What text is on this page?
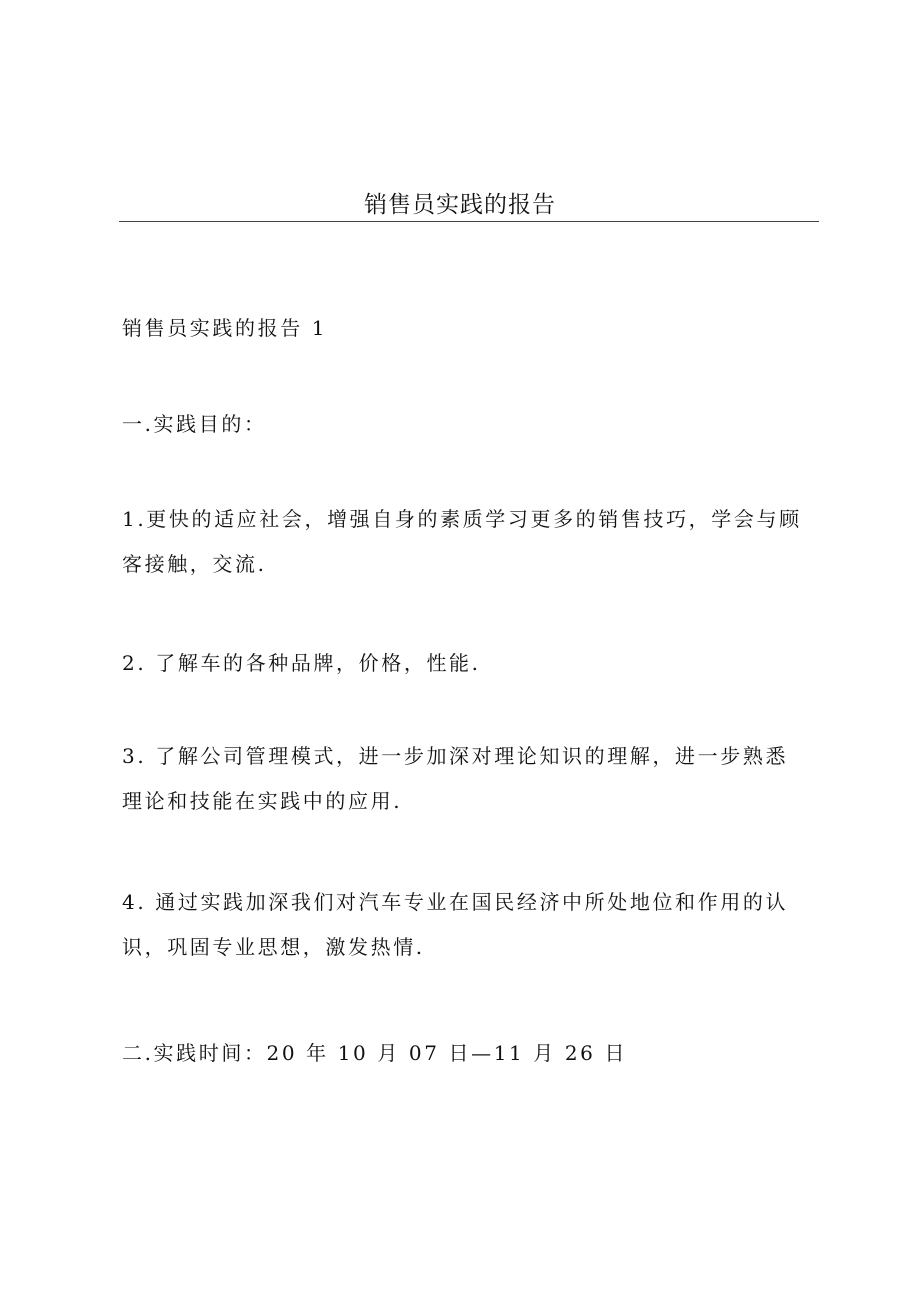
销售员实践的报告
销售员实践的报告 1
一.实践目的：
1.更快的适应社会，增强自身的素质学习更多的销售技巧，学会与顾
客接触，交流.
2. 了解车的各种品牌，价格，性能.
3. 了解公司管理模式，进一步加深对理论知识的理解，进一步熟悉
理论和技能在实践中的应用.
4. 通过实践加深我们对汽车专业在国民经济中所处地位和作用的认
识，巩固专业思想，激发热情.
二.实践时间：20 年 10 月 07 日—11 月 26 日
